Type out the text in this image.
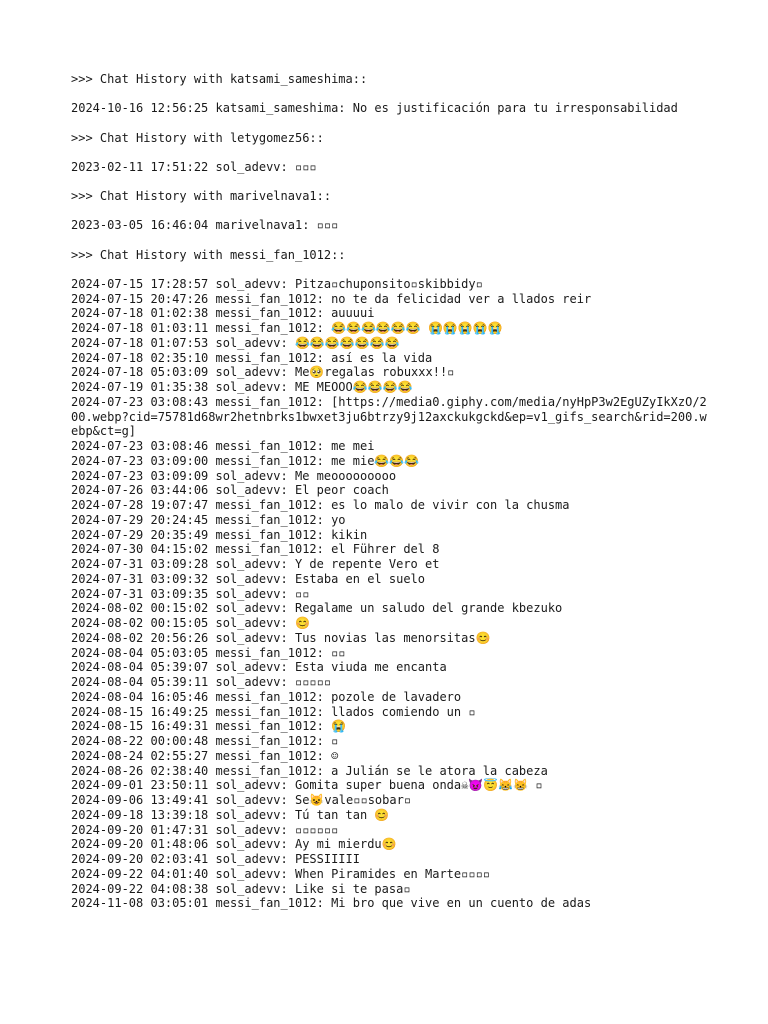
>>> Chat History with katsami_sameshima::
2024-10-16 12:56:25 katsami_sameshima: No es justificación para tu irresponsabilidad
>>> Chat History with letygomez56::
2023-02-11 17:51:22 sol_adevv: ▫▫▫
>>> Chat History with marivelnava1::
2023-03-05 16:46:04 marivelnava1: ▫▫▫
>>> Chat History with messi_fan_1012::
2024-07-15 17:28:57 sol_adevv: Pitza▫chuponsito▫skibbidy▫
2024-07-15 20:47:26 messi_fan_1012: no te da felicidad ver a llados reir
2024-07-18 01:02:38 messi_fan_1012: auuuui
2024-07-18 01:03:11 messi_fan_1012: 😂😂😂😂😂😂 😭😭😭😭😭
2024-07-18 01:07:53 sol_adevv: 😂😂😂😂😂😂😂
2024-07-18 02:35:10 messi_fan_1012: así es la vida
2024-07-18 05:03:09 sol_adevv: Me🥺regalas robuxxx!!▫
2024-07-19 01:35:38 sol_adevv: ME MEOOO😂😂😂😂
2024-07-23 03:08:43 messi_fan_1012: [https://media0.giphy.com/media/nyHpP3w2EgUZyIkXzO/200.webp?cid=75781d68wr2hetnbrks1bwxet3ju6btrzy9j12axckukgckd&ep=v1_gifs_search&rid=200.webp&ct=g]
2024-07-23 03:08:46 messi_fan_1012: me mei
2024-07-23 03:09:00 messi_fan_1012: me mie😂😂😂
2024-07-23 03:09:09 sol_adevv: Me meooooooooo
2024-07-26 03:44:06 sol_adevv: El peor coach
2024-07-28 19:07:47 messi_fan_1012: es lo malo de vivir con la chusma
2024-07-29 20:24:45 messi_fan_1012: yo
2024-07-29 20:35:49 messi_fan_1012: kikin
2024-07-30 04:15:02 messi_fan_1012: el Führer del 8
2024-07-31 03:09:28 sol_adevv: Y de repente Vero et
2024-07-31 03:09:32 sol_adevv: Estaba en el suelo
2024-07-31 03:09:35 sol_adevv: ▫▫
2024-08-02 00:15:02 sol_adevv: Regalame un saludo del grande kbezuko
2024-08-02 00:15:05 sol_adevv: 😊
2024-08-02 20:56:26 sol_adevv: Tus novias las menorsitas😊
2024-08-04 05:03:05 messi_fan_1012: ▫▫
2024-08-04 05:39:07 sol_adevv: Esta viuda me encanta
2024-08-04 05:39:11 sol_adevv: ▫▫▫▫▫
2024-08-04 16:05:46 messi_fan_1012: pozole de lavadero
2024-08-15 16:49:25 messi_fan_1012: llados comiendo un ▫
2024-08-15 16:49:31 messi_fan_1012: 😭
2024-08-22 00:00:48 messi_fan_1012: ▫
2024-08-24 02:55:27 messi_fan_1012: ☺
2024-08-26 02:38:40 messi_fan_1012: a Julián se le atora la cabeza
2024-09-01 23:50:11 sol_adevv: Gomita super buena onda☠😈😇😹😸 ▫
2024-09-06 13:49:41 sol_adevv: Se😺vale▫▫sobar▫
2024-09-18 13:39:18 sol_adevv: Tú tan tan 😊
2024-09-20 01:47:31 sol_adevv: ▫▫▫▫▫▫
2024-09-20 01:48:06 sol_adevv: Ay mi mierdu😊
2024-09-20 02:03:41 sol_adevv: PESSIIIII
2024-09-22 04:01:40 sol_adevv: When Piramides en Marte▫▫▫▫
2024-09-22 04:08:38 sol_adevv: Like si te pasa▫
2024-11-08 03:05:01 messi_fan_1012: Mi bro que vive en un cuento de adas
